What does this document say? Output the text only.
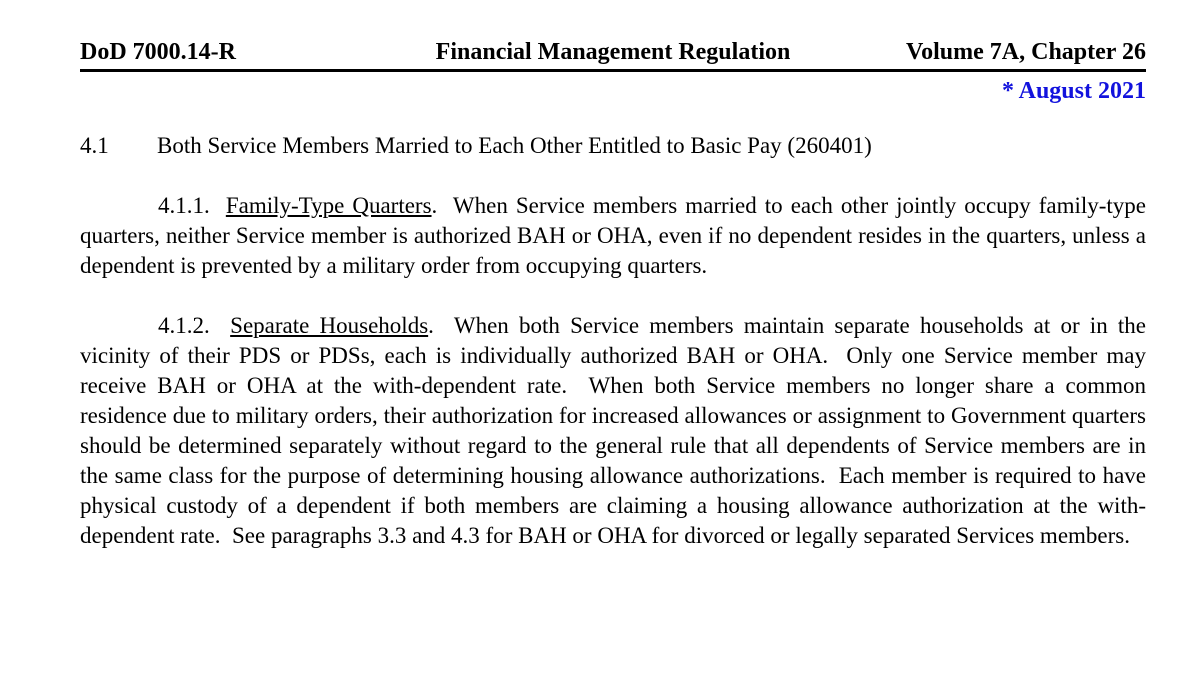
DoD 7000.14-R	Financial Management Regulation	Volume 7A, Chapter 26
* August 2021
4.1 Both Service Members Married to Each Other Entitled to Basic Pay (260401)

4.1.1.  Family-Type Quarters.  When Service members married to each other jointly occupy family-type quarters, neither Service member is authorized BAH or OHA, even if no dependent resides in the quarters, unless a dependent is prevented by a military order from occupying quarters.

4.1.2.  Separate Households.  When both Service members maintain separate households at or in the vicinity of their PDS or PDSs, each is individually authorized BAH or OHA.  Only one Service member may receive BAH or OHA at the with-dependent rate.  When both Service members no longer share a common residence due to military orders, their authorization for increased allowances or assignment to Government quarters should be determined separately without regard to the general rule that all dependents of Service members are in the same class for the purpose of determining housing allowance authorizations.  Each member is required to have physical custody of a dependent if both members are claiming a housing allowance authorization at the with-dependent rate.  See paragraphs 3.3 and 4.3 for BAH or OHA for divorced or legally separated Services members.
